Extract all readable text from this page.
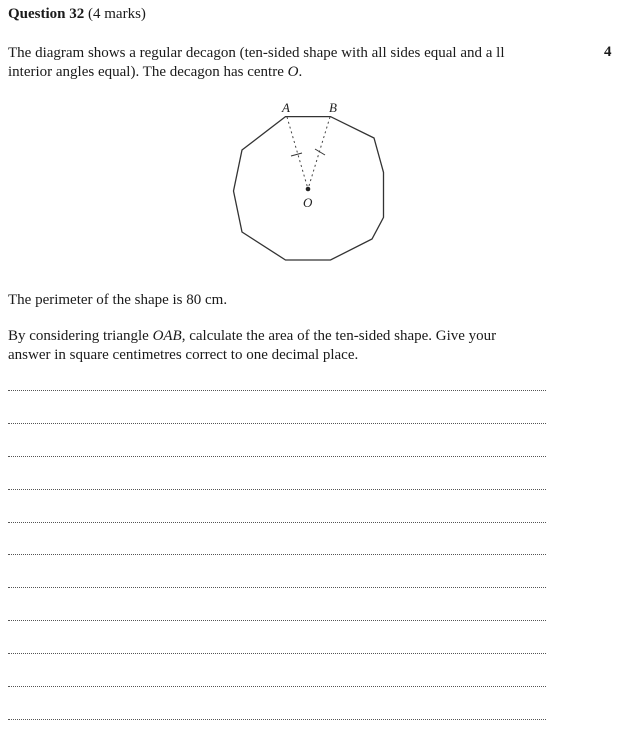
Question 32 (4 marks)
4

The diagram shows a regular decagon (ten-sided shape with all sides equal and a ll
interior angles equal). The decagon has centre O.

A	B
O

The perimeter of the shape is 80 cm.

By considering triangle OAB, calculate the area of the ten-sided shape. Give your
answer in square centimetres correct to one decimal place.
